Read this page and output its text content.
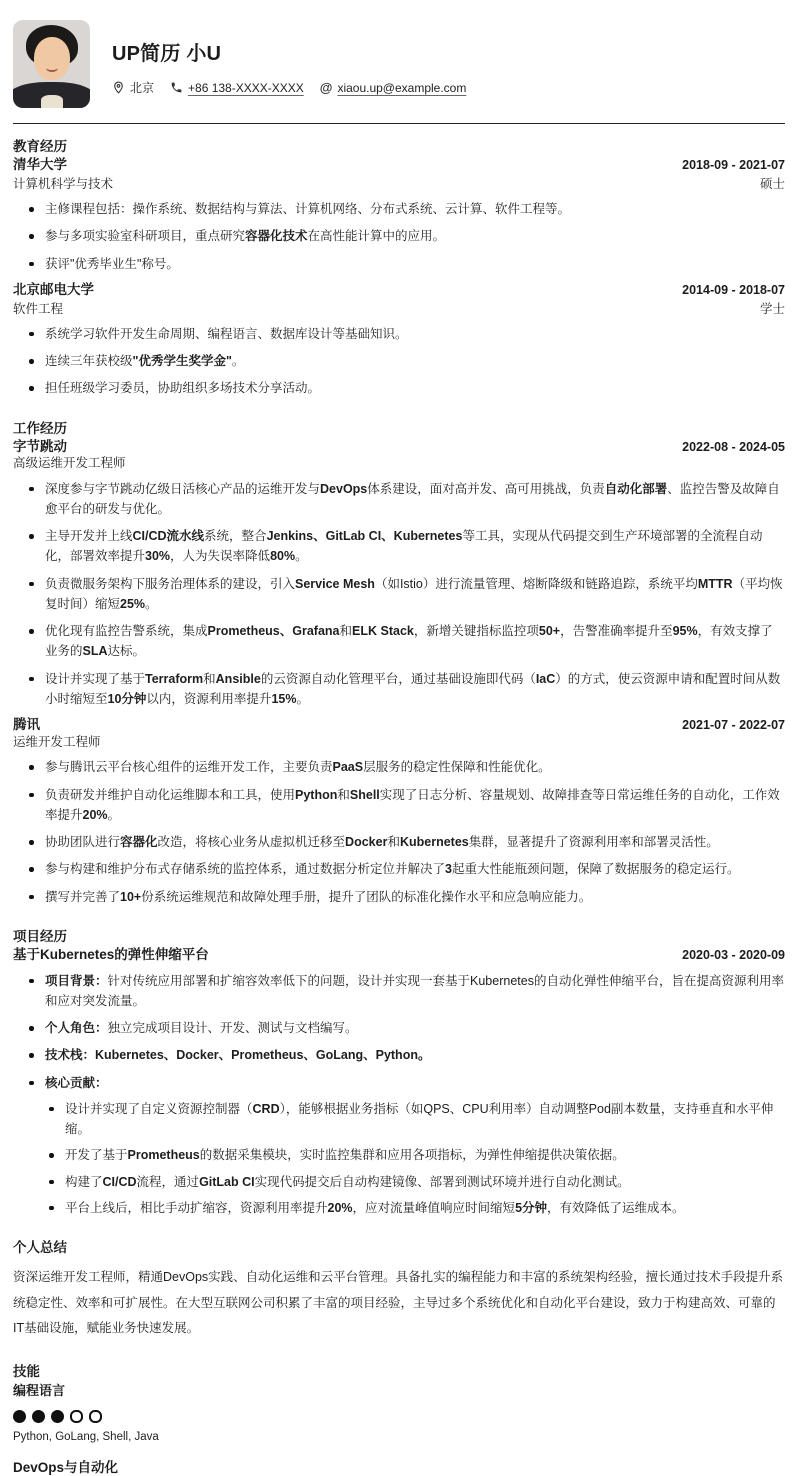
UP简历 小U
北京	+86 138-XXXX-XXXX @ xiaou.up@example.com
教育经历
清华大学	2018-09 - 2021-07
计算机科学与技术	硕士
主修课程包括：操作系统、数据结构与算法、计算机网络、分布式系统、云计算、软件工程等。
参与多项实验室科研项目，重点研究容器化技术在高性能计算中的应用。
获评"优秀毕业生"称号。
北京邮电大学	2014-09 - 2018-07
软件工程	学士
系统学习软件开发生命周期、编程语言、数据库设计等基础知识。
连续三年获校级"优秀学生奖学金"。
担任班级学习委员，协助组织多场技术分享活动。
工作经历
字节跳动	2022-08 - 2024-05
高级运维开发工程师
深度参与字节跳动亿级日活核心产品的运维开发与DevOps体系建设，面对高并发、高可用挑战，负责自动化部署、监控告警及故障自愈平台的研发与优化。
主导开发并上线CI/CD流水线系统，整合Jenkins、GitLab CI、Kubernetes等工具，实现从代码提交到生产环境部署的全流程自动化，部署效率提升30%，人为失误率降低80%。
负责微服务架构下服务治理体系的建设，引入Service Mesh（如Istio）进行流量管理、熔断降级和链路追踪，系统平均MTTR（平均恢复时间）缩短25%。
优化现有监控告警系统，集成Prometheus、Grafana和ELK Stack，新增关键指标监控项50+，告警准确率提升至95%，有效支撑了业务的SLA达标。
设计并实现了基于Terraform和Ansible的云资源自动化管理平台，通过基础设施即代码（IaC）的方式，使云资源申请和配置时间从数小时缩短至10分钟以内，资源利用率提升15%。
腾讯	2021-07 - 2022-07
运维开发工程师
参与腾讯云平台核心组件的运维开发工作，主要负责PaaS层服务的稳定性保障和性能优化。
负责研发并维护自动化运维脚本和工具，使用Python和Shell实现了日志分析、容量规划、故障排查等日常运维任务的自动化，工作效率提升20%。
协助团队进行容器化改造，将核心业务从虚拟机迁移至Docker和Kubernetes集群，显著提升了资源利用率和部署灵活性。
参与构建和维护分布式存储系统的监控体系，通过数据分析定位并解决了3起重大性能瓶颈问题，保障了数据服务的稳定运行。
撰写并完善了10+份系统运维规范和故障处理手册，提升了团队的标准化操作水平和应急响应能力。
项目经历
基于Kubernetes的弹性伸缩平台	2020-03 - 2020-09
项目背景：针对传统应用部署和扩缩容效率低下的问题，设计并实现一套基于Kubernetes的自动化弹性伸缩平台，旨在提高资源利用率和应对突发流量。
个人角色：独立完成项目设计、开发、测试与文档编写。
技术栈：Kubernetes、Docker、Prometheus、GoLang、Python。
核心贡献：
设计并实现了自定义资源控制器（CRD），能够根据业务指标（如QPS、CPU利用率）自动调整Pod副本数量，支持垂直和水平伸缩。
开发了基于Prometheus的数据采集模块，实时监控集群和应用各项指标，为弹性伸缩提供决策依据。
构建了CI/CD流程，通过GitLab CI实现代码提交后自动构建镜像、部署到测试环境并进行自动化测试。
平台上线后，相比手动扩缩容，资源利用率提升20%，应对流量峰值响应时间缩短5分钟，有效降低了运维成本。
个人总结
资深运维开发工程师，精通DevOps实践、自动化运维和云平台管理。具备扎实的编程能力和丰富的系统架构经验，擅长通过技术手段提升系统稳定性、效率和可扩展性。在大型互联网公司积累了丰富的项目经验，主导过多个系统优化和自动化平台建设，致力于构建高效、可靠的IT基础设施，赋能业务快速发展。
技能
编程语言
Python, GoLang, Shell, Java
DevOps与自动化
